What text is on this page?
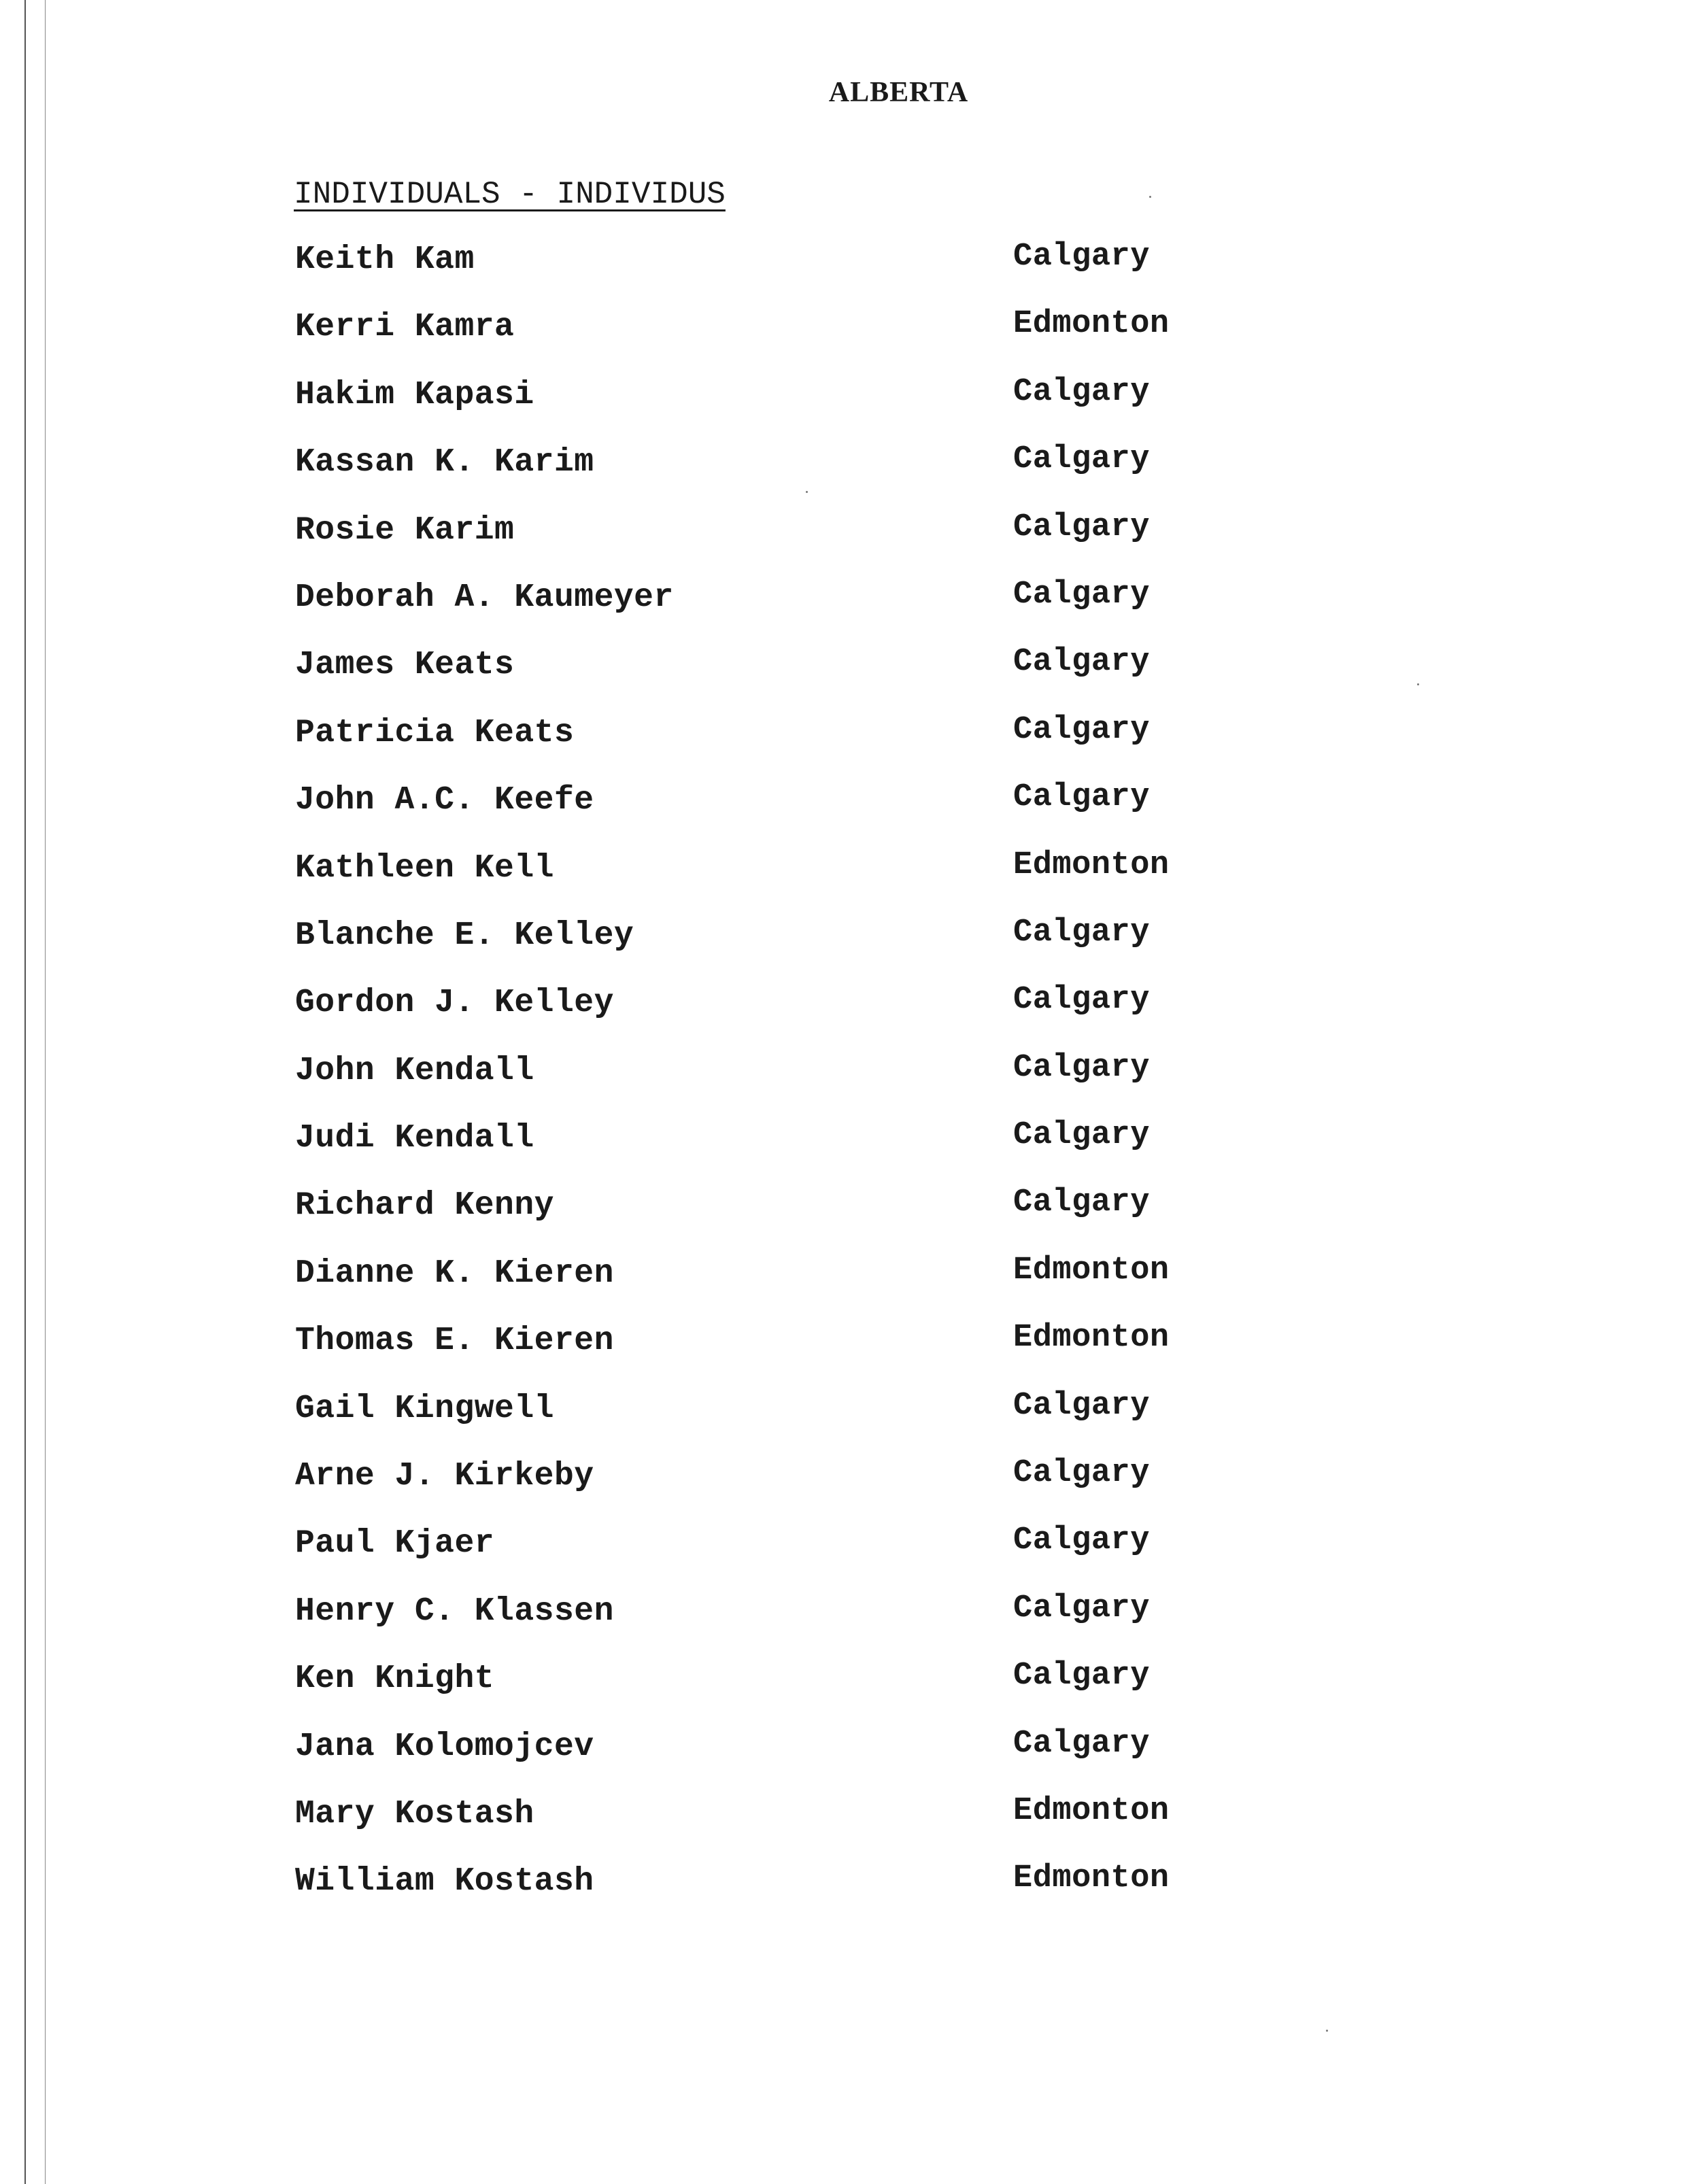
ALBERTA
INDIVIDUALS - INDIVIDUS
Keith Kam	Calgary
Kerri Kamra	Edmonton
Hakim Kapasi	Calgary
Kassan K. Karim	Calgary
Rosie Karim	Calgary
Deborah A. Kaumeyer	Calgary
James Keats	Calgary
Patricia Keats	Calgary
John A.C. Keefe	Calgary
Kathleen Kell	Edmonton
Blanche E. Kelley	Calgary
Gordon J. Kelley	Calgary
John Kendall	Calgary
Judi Kendall	Calgary
Richard Kenny	Calgary
Dianne K. Kieren	Edmonton
Thomas E. Kieren	Edmonton
Gail Kingwell	Calgary
Arne J. Kirkeby	Calgary
Paul Kjaer	Calgary
Henry C. Klassen	Calgary
Ken Knight	Calgary
Jana Kolomojcev	Calgary
Mary Kostash	Edmonton
William Kostash	Edmonton
